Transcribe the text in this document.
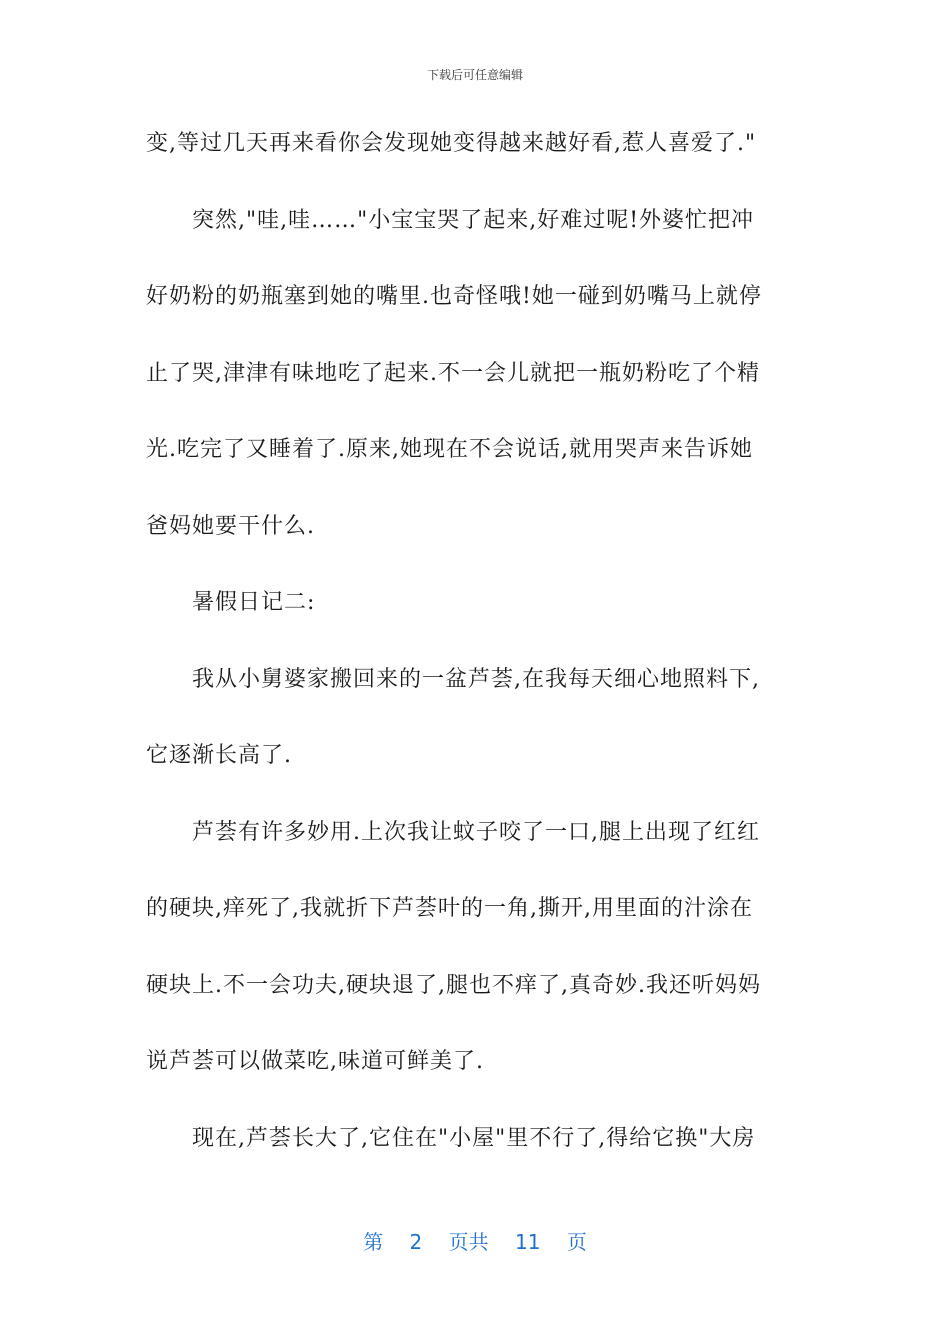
下载后可任意编辑
变,等过几天再来看你会发现她变得越来越好看,惹人喜爱了."
突然,"哇,哇……"小宝宝哭了起来,好难过呢!外婆忙把冲
好奶粉的奶瓶塞到她的嘴里.也奇怪哦!她一碰到奶嘴马上就停
止了哭,津津有味地吃了起来.不一会儿就把一瓶奶粉吃了个精
光.吃完了又睡着了.原来,她现在不会说话,就用哭声来告诉她
爸妈她要干什么.
暑假日记二:
我从小舅婆家搬回来的一盆芦荟,在我每天细心地照料下,
它逐渐长高了.
芦荟有许多妙用.上次我让蚊子咬了一口,腿上出现了红红
的硬块,痒死了,我就折下芦荟叶的一角,撕开,用里面的汁涂在
硬块上.不一会功夫,硬块退了,腿也不痒了,真奇妙.我还听妈妈
说芦荟可以做菜吃,味道可鲜美了.
现在,芦荟长大了,它住在"小屋"里不行了,得给它换"大房
第 2 页共 11 页
